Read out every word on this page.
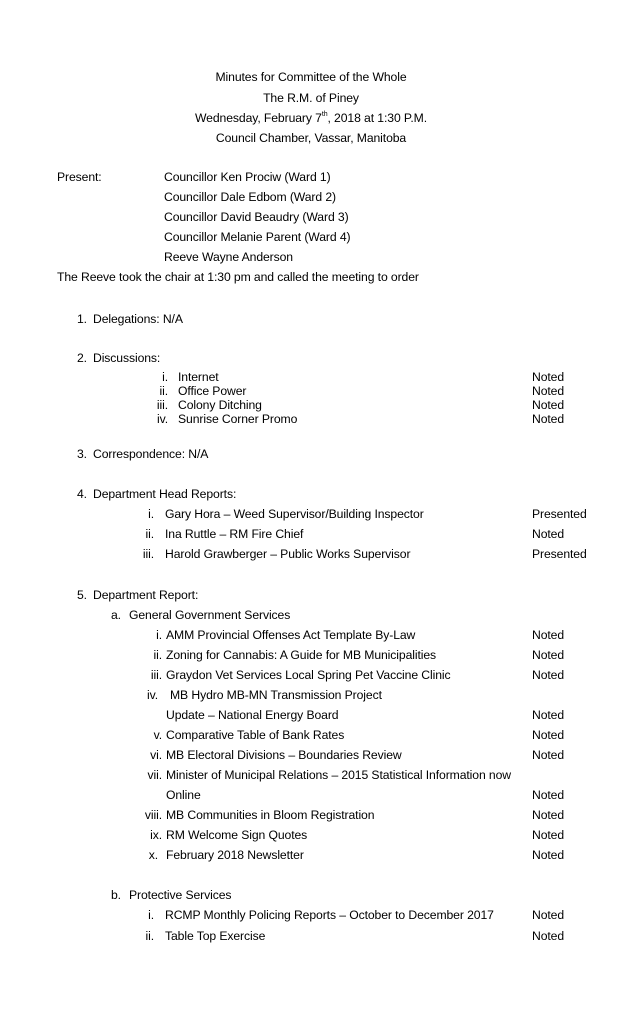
Minutes for Committee of the Whole
The R.M. of Piney
Wednesday, February 7th, 2018 at 1:30 P.M.
Council Chamber, Vassar, Manitoba
Present:	Councillor Ken Prociw (Ward 1)
Councillor Dale Edbom (Ward 2)
Councillor David Beaudry (Ward 3)
Councillor Melanie Parent (Ward 4)
Reeve Wayne Anderson
The Reeve took the chair at 1:30 pm and called the meeting to order
1. Delegations: N/A
2. Discussions:
i. Internet	Noted
ii. Office Power	Noted
iii. Colony Ditching	Noted
iv. Sunrise Corner Promo	Noted
3. Correspondence: N/A
4. Department Head Reports:
i. Gary Hora – Weed Supervisor/Building Inspector	Presented
ii. Ina Ruttle – RM Fire Chief	Noted
iii. Harold Grawberger – Public Works Supervisor	Presented
5. Department Report:
a. General Government Services
i. AMM Provincial Offenses Act Template By-Law	Noted
ii. Zoning for Cannabis: A Guide for MB Municipalities	Noted
iii. Graydon Vet Services Local Spring Pet Vaccine Clinic	Noted
iv. MB Hydro MB-MN Transmission Project
Update – National Energy Board	Noted
v. Comparative Table of Bank Rates	Noted
vi. MB Electoral Divisions – Boundaries Review	Noted
vii. Minister of Municipal Relations – 2015 Statistical Information now
Online	Noted
viii. MB Communities in Bloom Registration	Noted
ix. RM Welcome Sign Quotes	Noted
x. February 2018 Newsletter	Noted
b. Protective Services
i. RCMP Monthly Policing Reports – October to December 2017	Noted
ii. Table Top Exercise	Noted
